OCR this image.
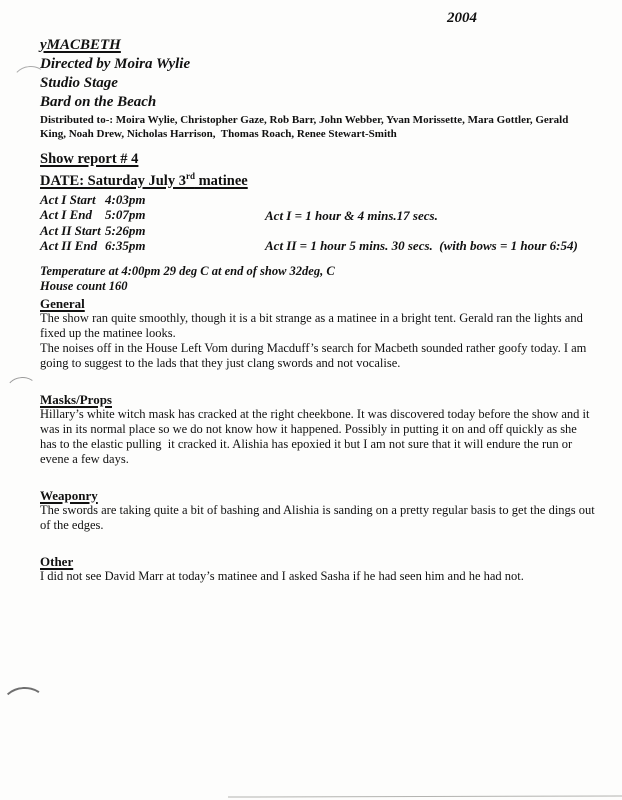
2004
yMACBETH
Directed by Moira Wylie
Studio Stage
Bard on the Beach
Distributed to-: Moira Wylie, Christopher Gaze, Rob Barr, John Webber, Yvan Morissette, Mara Gottler, Gerald King, Noah Drew, Nicholas Harrison,  Thomas Roach, Renee Stewart-Smith
Show report # 4
DATE: Saturday July 3rd matinee
Act I Start 4:03pm
Act I End 5:07pm
Act II Start 5:26pm
Act II End 6:35pm
Act I = 1 hour & 4 mins.17 secs.
Act II = 1 hour 5 mins. 30 secs.  (with bows = 1 hour 6:54)
Temperature at 4:00pm 29 deg C at end of show 32deg, C
House count 160
General

The show ran quite smoothly, though it is a bit strange as a matinee in a bright tent. Gerald ran the lights and fixed up the matinee looks.

The noises off in the House Left Vom during Macduff’s search for Macbeth sounded rather goofy today. I am going to suggest to the lads that they just clang swords and not vocalise.

Masks/Props

Hillary’s white witch mask has cracked at the right cheekbone. It was discovered today before the show and it was in its normal place so we do not know how it happened. Possibly in putting it on and off quickly as she has to the elastic pulling  it cracked it. Alishia has epoxied it but I am not sure that it will endure the run or evene a few days.

Weaponry

The swords are taking quite a bit of bashing and Alishia is sanding on a pretty regular basis to get the dings out of the edges.

Other

I did not see David Marr at today’s matinee and I asked Sasha if he had seen him and he had not.
